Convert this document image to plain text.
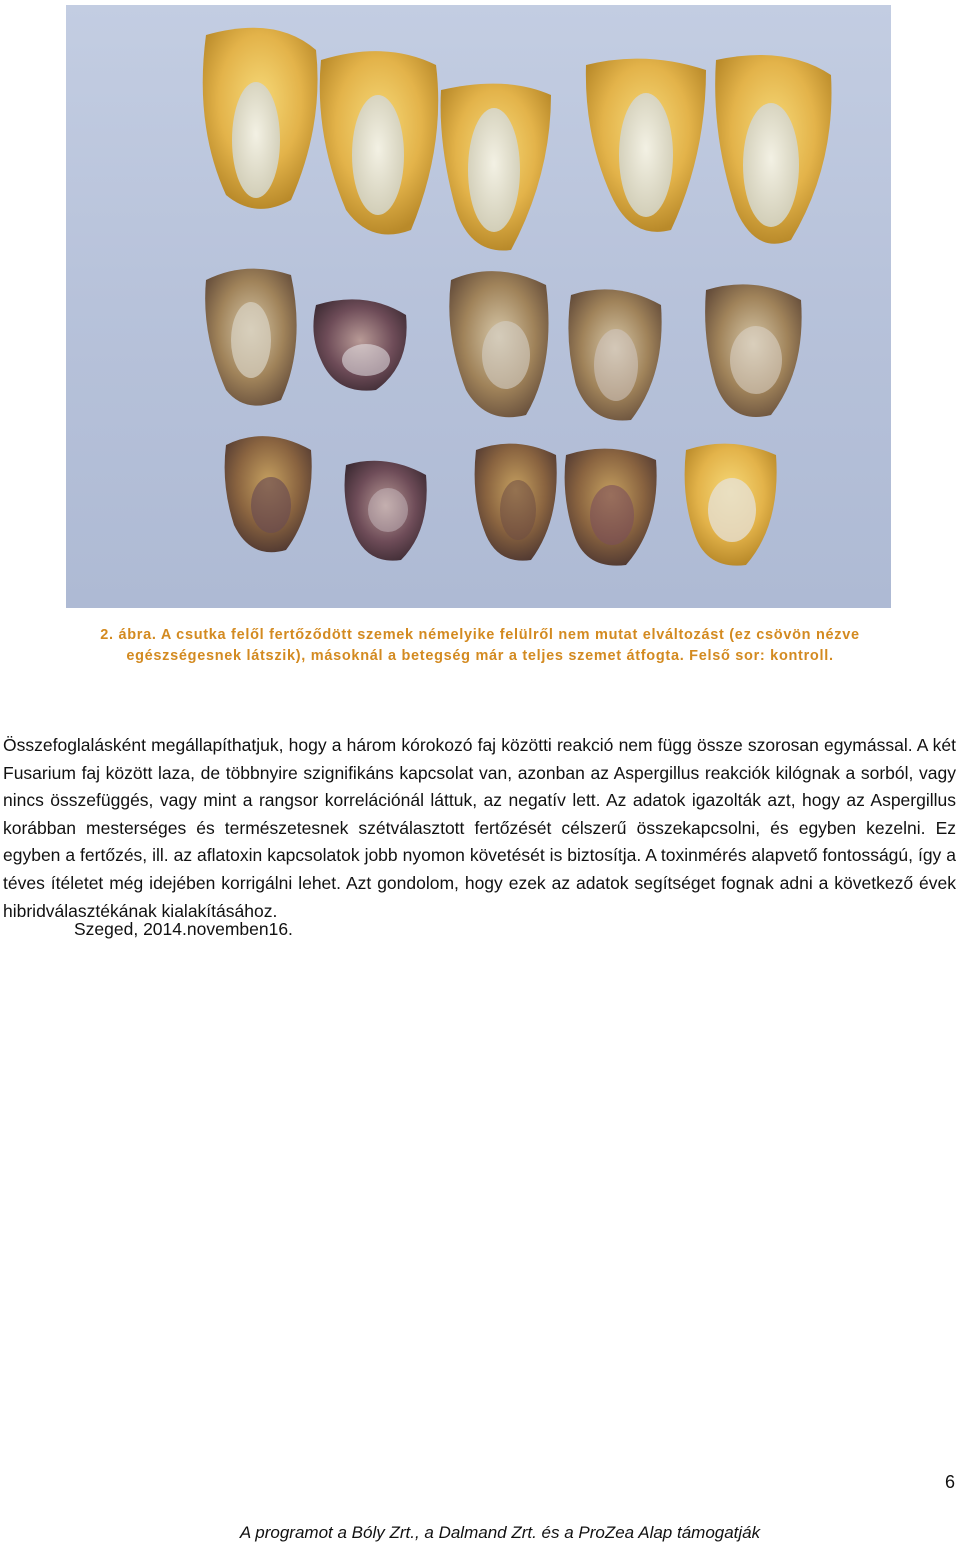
2. ábra. A csutka felől fertőződött szemek némelyike felülről nem mutat elváltozást (ez csövön nézve
egészségesnek látszik), másoknál a betegség már a teljes szemet átfogta. Felső sor: kontroll.

Összefoglalásként megállapíthatjuk, hogy a három kórokozó faj közötti reakció nem függ össze szorosan egymással. A két Fusarium faj között laza, de többnyire szignifikáns kapcsolat van, azonban az Aspergillus reakciók kilógnak a sorból, vagy nincs összefüggés, vagy mint a rangsor korrelációnál láttuk, az negatív lett. Az adatok igazolták azt, hogy az Aspergillus korábban mesterséges és természetesnek szétválasztott fertőzését célszerű összekapcsolni, és egyben kezelni. Ez egyben a fertőzés, ill. az aflatoxin kapcsolatok jobb nyomon követését is biztosítja. A toxinmérés alapvető fontosságú, így a téves ítéletet még idejében korrigálni lehet. Azt gondolom, hogy ezek az adatok segítséget fognak adni a következő évek hibridválasztékának kialakításához.

Szeged, 2014.novemben16.
6
A programot a Bóly Zrt., a Dalmand Zrt. és a ProZea Alap támogatják
